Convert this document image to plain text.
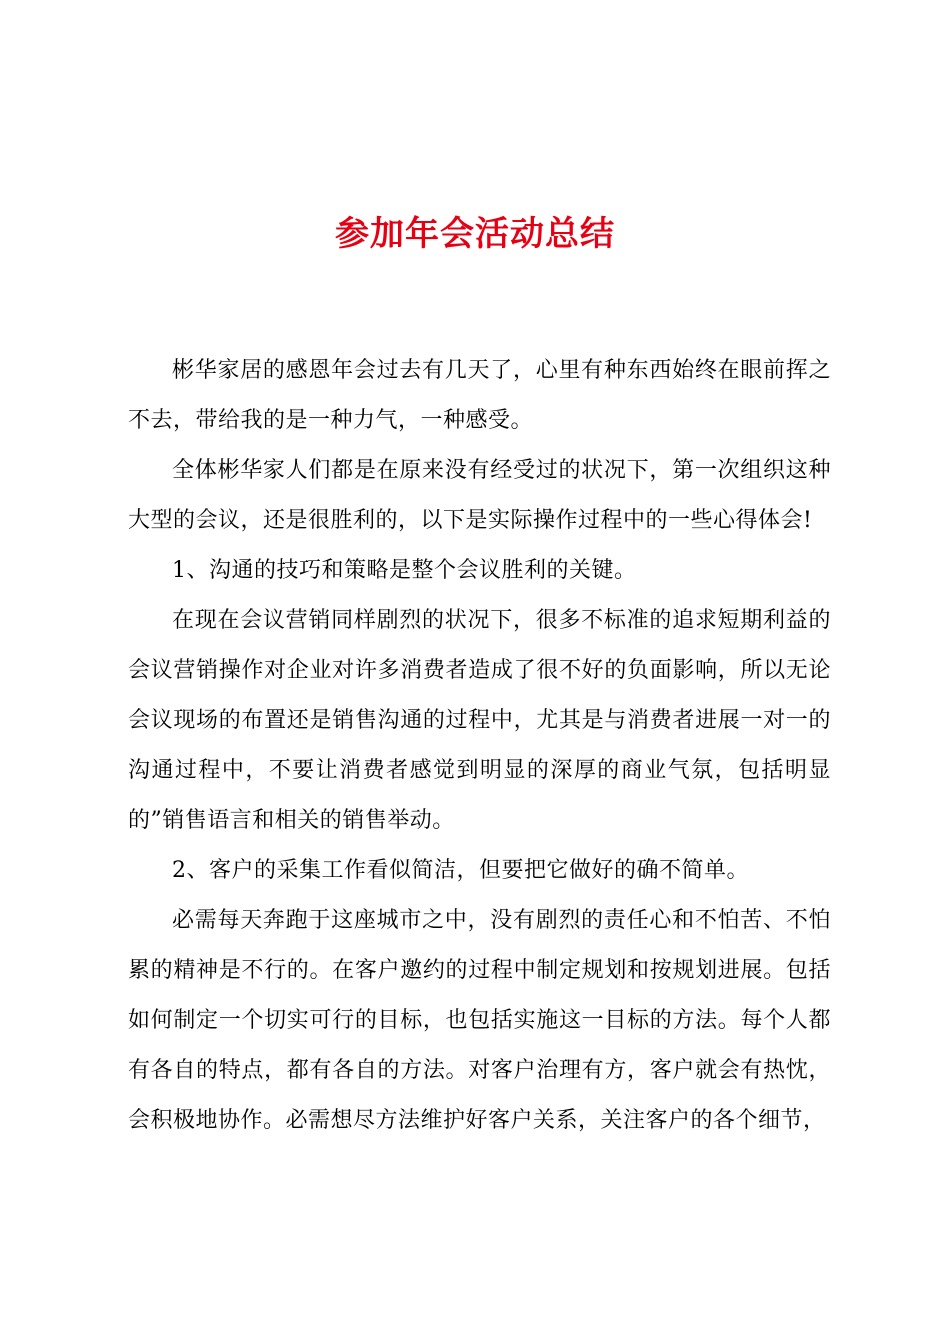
参加年会活动总结

彬华家居的感恩年会过去有几天了，心里有种东西始终在眼前挥之不去，带给我的是一种力气，一种感受。

全体彬华家人们都是在原来没有经受过的状况下，第一次组织这种大型的会议，还是很胜利的，以下是实际操作过程中的一些心得体会!

1、沟通的技巧和策略是整个会议胜利的关键。

在现在会议营销同样剧烈的状况下，很多不标准的追求短期利益的会议营销操作对企业对许多消费者造成了很不好的负面影响，所以无论会议现场的布置还是销售沟通的过程中，尤其是与消费者进展一对一的沟通过程中，不要让消费者感觉到明显的深厚的商业气氛，包括明显的”销售语言和相关的销售举动。

2、客户的采集工作看似简洁，但要把它做好的确不简单。

必需每天奔跑于这座城市之中，没有剧烈的责任心和不怕苦、不怕累的精神是不行的。在客户邀约的过程中制定规划和按规划进展。包括如何制定一个切实可行的目标，也包括实施这一目标的方法。每个人都有各自的特点，都有各自的方法。对客户治理有方，客户就会有热忱，会积极地协作。必需想尽方法维护好客户关系，关注客户的各个细节，
